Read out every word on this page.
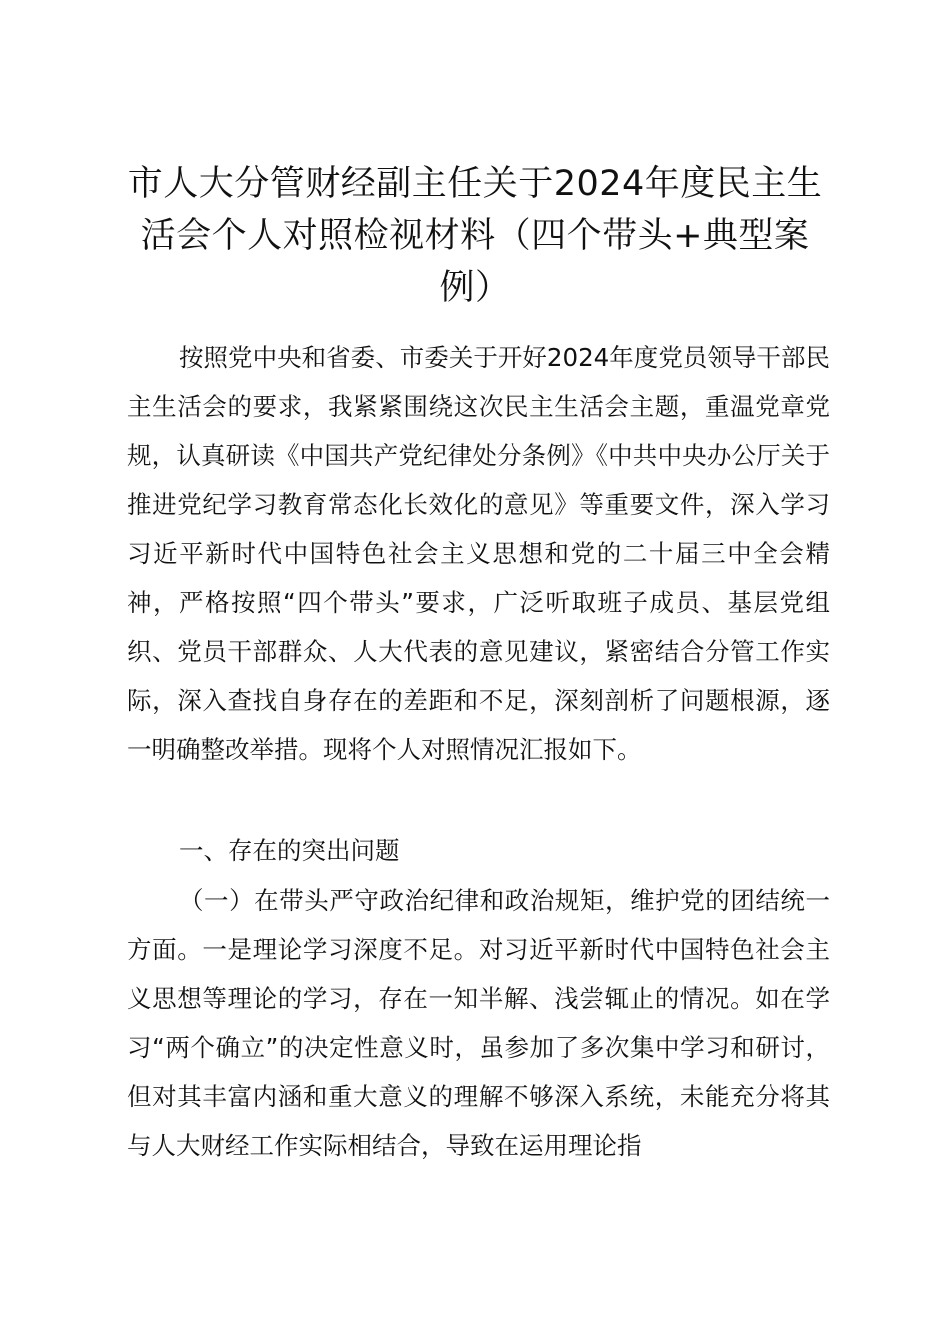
市人大分管财经副主任关于2024年度民主生活会个人对照检视材料（四个带头+典型案例）

按照党中央和省委、市委关于开好2024年度党员领导干部民主生活会的要求，我紧紧围绕这次民主生活会主题，重温党章党规，认真研读《中国共产党纪律处分条例》《中共中央办公厅关于推进党纪学习教育常态化长效化的意见》等重要文件，深入学习习近平新时代中国特色社会主义思想和党的二十届三中全会精神，严格按照“四个带头”要求，广泛听取班子成员、基层党组织、党员干部群众、人大代表的意见建议，紧密结合分管工作实际，深入查找自身存在的差距和不足，深刻剖析了问题根源，逐一明确整改举措。现将个人对照情况汇报如下。

一、存在的突出问题

（一）在带头严守政治纪律和政治规矩，维护党的团结统一方面。一是理论学习深度不足。对习近平新时代中国特色社会主义思想等理论的学习，存在一知半解、浅尝辄止的情况。如在学习“两个确立”的决定性意义时，虽参加了多次集中学习和研讨，但对其丰富内涵和重大意义的理解不够深入系统，未能充分将其与人大财经工作实际相结合，导致在运用理论指
